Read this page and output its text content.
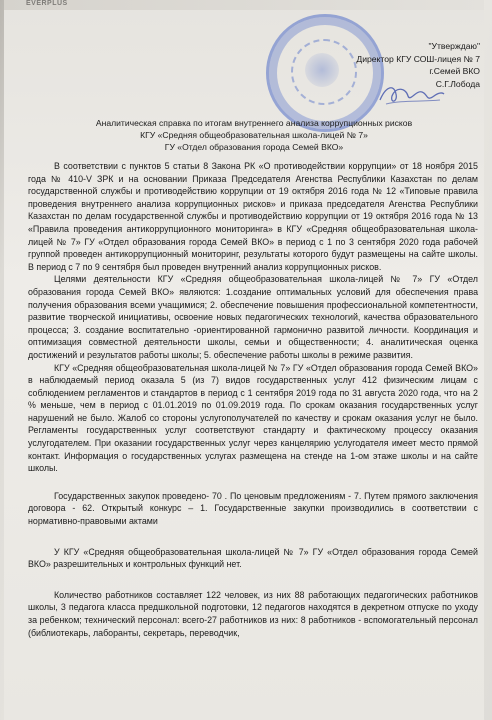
EVERPLUS
"Утверждаю"
Директор КГУ СОШ-лицея № 7
г.Семей ВКО
С.Г.Лобода
Аналитическая справка по итогам внутреннего анализа коррупционных рисков
КГУ «Средняя общеобразовательная школа-лицей № 7»
ГУ «Отдел образования города Семей ВКО»

В соответствии с пунктов 5 статьи 8 Закона РК «О противодействии коррупции» от 18 ноября 2015 года № 410-V ЗРК и на основании Приказа Председателя Агенства Республики Казахстан по делам государственной службы и противодействию коррупции от 19 октября 2016 года № 12 «Типовые правила проведения внутреннего анализа коррупционных рисков» и приказа председателя Агенства Республики Казахстан по делам государственной службы и противодействию коррупции от 19 октября 2016 года № 13 «Правила проведения антикоррупционного мониторинга» в КГУ «Средняя общеобразовательная школа-лицей № 7» ГУ «Отдел образования города Семей ВКО» в период с 1 по 3 сентября 2020 года рабочей группой проведен антикоррупционный мониторинг, результаты которого будут размещены на сайте школы. В период с 7 по 9 сентября был проведен внутренний анализ коррупционных рисков.

Целями деятельности КГУ «Средняя общеобразовательная школа-лицей № 7» ГУ «Отдел образования города Семей ВКО» являются: 1.создание оптимальных условий для обеспечения права получения образования всеми учащимися; 2. обеспечение повышения профессиональной компетентности, развитие творческой инициативы, освоение новых педагогических технологий, качества образовательного процесса; 3. создание воспитательно -ориентированной гармонично развитой личности. Координация и оптимизация совместной деятельности школы, семьи и общественности; 4. аналитическая оценка достижений и результатов работы школы; 5. обеспечение работы школы в режиме развития.

КГУ «Средняя общеобразовательная школа-лицей № 7» ГУ «Отдел образования города Семей ВКО» в наблюдаемый период оказала 5 (из 7) видов государственных услуг 412 физическим лицам с соблюдением регламентов и стандартов в период с 1 сентября 2019 года по 31 августа 2020 года, что на 2 % меньше, чем в период с 01.01.2019 по 01.09.2019 года. По срокам оказания государственных услуг нарушений не было. Жалоб со стороны услугополучателей по качеству и срокам оказания услуг не было. Регламенты государственных услуг соответствуют стандарту и фактическому процессу оказания услугодателем. При оказании государственных услуг через канцелярию услугодателя имеет место прямой контакт. Информация о государственных услугах размещена на стенде на 1-ом этаже школы и на сайте школы.

Государственных закупок проведено- 70 . По ценовым предложениям - 7. Путем прямого заключения договора - 62. Открытый конкурс – 1. Государственные закупки производились в соответствии с нормативно-правовыми актами

У КГУ «Средняя общеобразовательная школа-лицей № 7» ГУ «Отдел образования города Семей ВКО» разрешительных и контрольных функций нет.

Количество работников составляет 122 человек, из них 88 работающих педагогических работников школы, 3 педагога класса предшкольной подготовки, 12 педагогов находятся в декретном отпуске по уходу за ребенком; технический персонал: всего-27 работников из них: 8 работников - вспомогательный персонал (библиотекарь, лаборанты, секретарь, переводчик,
